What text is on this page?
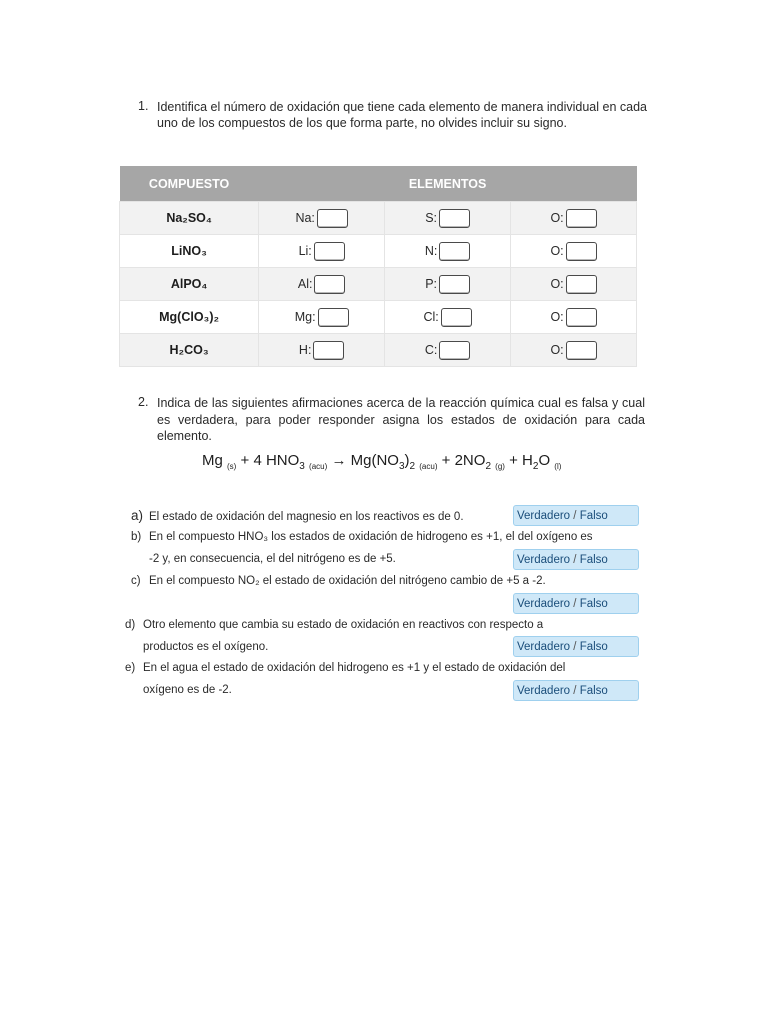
1. Identifica el número de oxidación que tiene cada elemento de manera individual en cada uno de los compuestos de los que forma parte, no olvides incluir su signo.
COMPUESTO	ELEMENTOS		
Na₂SO₄	Na:	S:	O:

LiNO₃	Li:	N:	O:

AlPO₄	Al:	P:	O:

Mg(ClO₃)₂	Mg:	Cl:	O:

H₂CO₃	H:	C:	O:
2. Indica de las siguientes afirmaciones acerca de la reacción química cual es falsa y cual es verdadera, para poder responder asigna los estados de oxidación para cada elemento.
Mg $_{(s)}$ + 4 $HNO_3$ $_{(acu)} \to Mg(NO_3)_2$ $_{(acu)} + 2NO_2$ $_{(g)} + H_2O$ $_{(l)}$
a) El estado de oxidación del magnesio en los reactivos es de 0.	Verdadero / Falso
b) En el compuesto HNO₃ los estados de oxidación de hidrogeno es +1, el del oxígeno es
-2 y, en consecuencia, el del nitrógeno es de +5.	Verdadero / Falso
c) En el compuesto NO₂ el estado de oxidación del nitrógeno cambio de +5 a -2.
Verdadero / Falso
d) Otro elemento que cambia su estado de oxidación en reactivos con respecto a
productos es el oxígeno.	Verdadero / Falso
e) En el agua el estado de oxidación del hidrogeno es +1 y el estado de oxidación del
oxígeno es de -2.	Verdadero / Falso
